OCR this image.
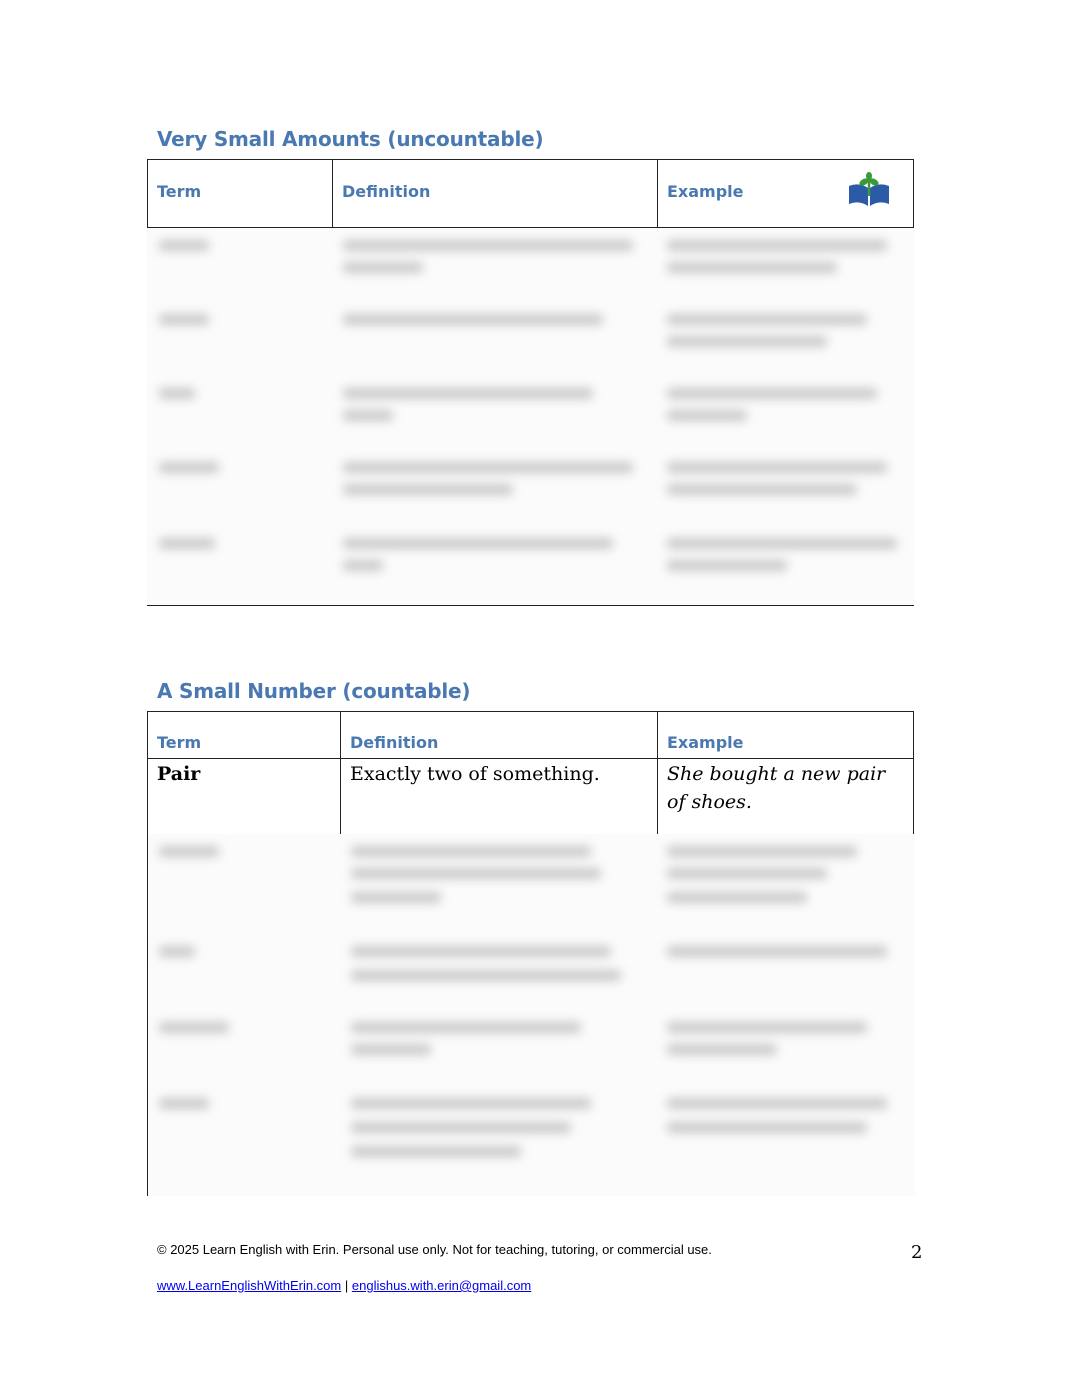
Very Small Amounts (uncountable)
Term	Definition	Example
A Small Number (countable)
Term	Definition	Example
Pair	Exactly two of something.	She bought a new pair of shoes.

© 2025 Learn English with Erin. Personal use only. Not for teaching, tutoring, or commercial use.	2

www.LearnEnglishWithErin.com | englishus.with.erin@gmail.com
